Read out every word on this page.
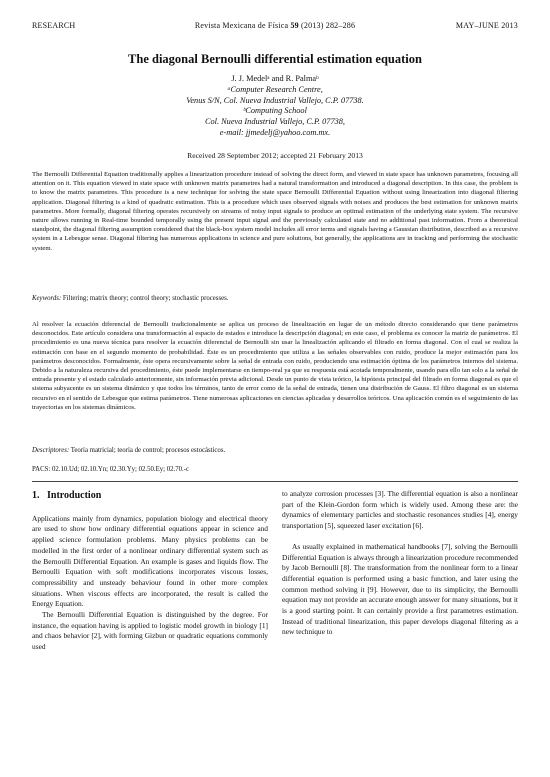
RESEARCH	Revista Mexicana de Física 59 (2013) 282–286	MAY–JUNE 2013
The diagonal Bernoulli differential estimation equation
J. J. Medelᵃ and R. Palmaᵇ
ᵃComputer Research Centre,
Venus S/N, Col. Nueva Industrial Vallejo, C.P. 07738.
ᵇComputing School
Col. Nueva Industrial Vallejo, C.P. 07738,
e-mail: jjmedelj@yahoo.com.mx.
Received 28 September 2012; accepted 21 February 2013
The Bernoulli Differential Equation traditionally applies a linearization procedure instead of solving the direct form, and viewed in state space has unknown parametres, focusing all attention on it. This equation viewed in state space with unknown matrix parametres had a natural transformation and introduced a diagonal description. In this case, the problem is to know the matrix parametres. This procedure is a new technique for solving the state space Bernoulli Differential Equation without using linearization into diagonal filtering application. Diagonal filtering is a kind of quadratic estimation. This is a procedure which uses observed signals with noises and produces the best estimation for unknown matrix parametres. More formally, diagonal filtering operates recursively on streams of noisy input signals to produce an optimal estimation of the underlying state system. The recursive nature allows running in Real-time bounded temporally using the present input signal and the previously calculated state and no additional past information. From a theoretical standpoint, the diagonal filtering assumption considered that the black-box system model includes all error terms and signals having a Gaussian distribution, described as a recursive system in a Lebesgue sense. Diagonal filtering has numerous applications in science and pure solutions, but generally, the applications are in tracking and performing the stochastic system.
Keywords: Filtering; matrix theory; control theory; stochastic processes.
Al resolver la ecuación diferencial de Bernoulli tradicionalmente se aplica un proceso de linealización en lugar de un método directo considerando que tiene parámetros desconocidos. Este artículo considera una transformación al espacio de estados e introduce la descripción diagonal; en este caso, el problema es conocer la matriz de parámetros. El procedimiento es una nueva técnica para resolver la ecuación diferencial de Bernoulli sin usar la linealización aplicando el filtrado en forma diagonal. Con el cual se realiza la estimación con base en el segundo momento de probabilidad. Éste es un procedimiento que utiliza a las señales observables con ruido, produce la mejor estimación para los parámetros desconocidos. Formalmente, éste opera recursivamente sobre la señal de entrada con ruido, produciendo una estimación óptima de los parámetros internos del sistema. Debido a la naturaleza recursiva del procedimiento, éste puede implementarse en tiempo-real ya que su respuesta está acotada temporalmente, usando para ello tan solo a la señal de entrada presente y el estado calculado anteriormente, sin información previa adicional. Desde un punto de vista teórico, la hipótesis principal del filtrado en forma diagonal es que el sistema subyacente es un sistema dinámico y que todos los términos, tanto de error como de la señal de entrada, tienen una distribución de Gauss. El filtro diagonal es un sistema recursivo en el sentido de Lebesgue que estima parámetros. Tiene numerosas aplicaciones en ciencias aplicadas y desarrollos teóricos. Una aplicación común es el seguimiento de las trayectorias en los sistemas dinámicos.
Descriptores: Teoría matricial; teoría de control; procesos estocásticos.
PACS: 02.10.Ud; 02.10.Yn; 02.30.Yy; 02.50.Ey; 02.70.-c
1. Introduction

Applications mainly from dynamics, population biology and electrical theory are used to show how ordinary differential equations appear in science and applied science formulation problems. Many physics problems can be modelled in the first order of a nonlinear ordinary differential system such as the Bernoulli Differential Equation. An example is gases and liquids flow. The Bernoulli Equation with soft modifications incorporates viscous losses, compressibility and unsteady behaviour found in other more complex situations. When viscous effects are incorporated, the result is called the Energy Equation.

The Bernoulli Differential Equation is distinguished by the degree. For instance, the equation having is applied to logistic model growth in biology [1] and chaos behavior [2], with forming Gizbun or quadratic equations commonly used

to analyze corrosion processes [3]. The differential equation is also a nonlinear part of the Klein-Gordon form which is widely used. Among these are: the dynamics of elementary particles and stochastic resonances studies [4], energy transportation [5], squeezed laser excitation [6].

As usually explained in mathematical handbooks [7], solving the Bernoulli Differential Equation is always through a linearization procedure recommended by Jacob Bernoulli [8]. The transformation from the nonlinear form to a linear differential equation is performed using a basic function, and later using the common method solving it [9]. However, due to its simplicity, the Bernoulli equation may not provide an accurate enough answer for many situations, but it is a good starting point. It can certainly provide a first parametres estimation. Instead of traditional linearization, this paper develops diagonal filtering as a new technique to
